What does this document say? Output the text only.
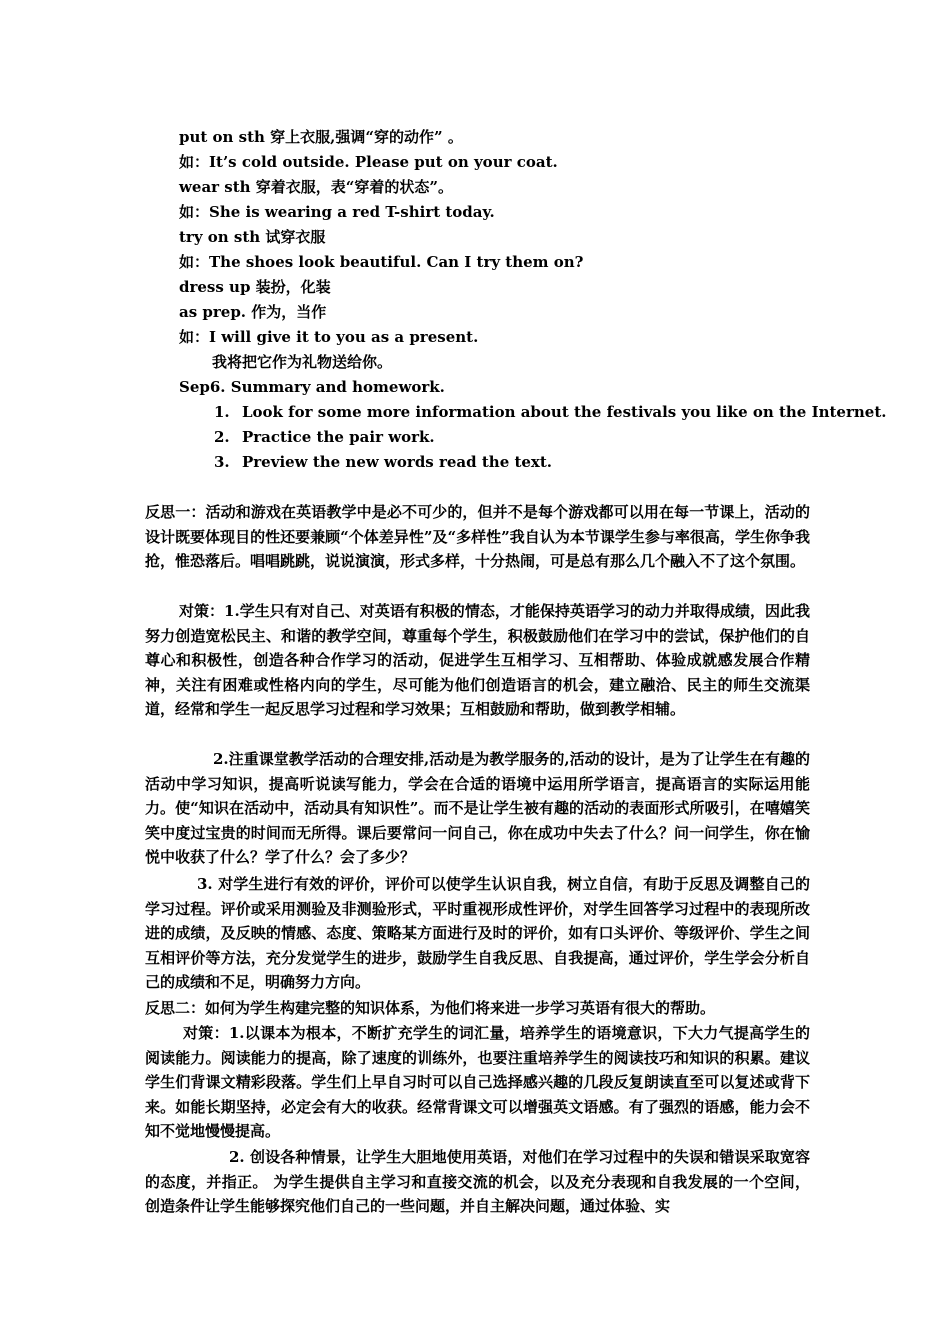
put on sth 穿上衣服,强调“穿的动作” 。
如：It’s cold outside. Please put on your coat.
wear sth 穿着衣服，表“穿着的状态”。
如：She is wearing a red T-shirt today.
try on sth 试穿衣服
如：The shoes look beautiful. Can I try them on?
dress up 装扮，化装
as prep. 作为，当作
如：I will give it to you as a present.
我将把它作为礼物送给你。
Sep6. Summary and homework.
1. Look for some more information about the festivals you like on the Internet.
2. Practice the pair work.
3. Preview the new words read the text.

反思一：活动和游戏在英语教学中是必不可少的，但并不是每个游戏都可以用在每一节课上，活动的设计既要体现目的性还要兼顾“个体差异性”及“多样性”我自认为本节课学生参与率很高，学生你争我抢，惟恐落后。唱唱跳跳，说说演演，形式多样，十分热闹，可是总有那么几个融入不了这个氛围。

对策：1.学生只有对自己、对英语有积极的情态，才能保持英语学习的动力并取得成绩，因此我努力创造宽松民主、和谐的教学空间，尊重每个学生，积极鼓励他们在学习中的尝试，保护他们的自尊心和积极性，创造各种合作学习的活动，促进学生互相学习、互相帮助、体验成就感发展合作精神，关注有困难或性格内向的学生，尽可能为他们创造语言的机会，建立融洽、民主的师生交流渠道，经常和学生一起反思学习过程和学习效果；互相鼓励和帮助，做到教学相辅。

2.注重课堂教学活动的合理安排,活动是为教学服务的,活动的设计，是为了让学生在有趣的活动中学习知识，提高听说读写能力，学会在合适的语境中运用所学语言，提高语言的实际运用能力。使“知识在活动中，活动具有知识性”。而不是让学生被有趣的活动的表面形式所吸引，在嘻嬉笑笑中度过宝贵的时间而无所得。课后要常问一问自己，你在成功中失去了什么？问一问学生，你在愉悦中收获了什么？学了什么？会了多少？

3. 对学生进行有效的评价，评价可以使学生认识自我，树立自信，有助于反思及调整自己的学习过程。评价或采用测验及非测验形式，平时重视形成性评价，对学生回答学习过程中的表现所改进的成绩，及反映的情感、态度、策略某方面进行及时的评价，如有口头评价、等级评价、学生之间互相评价等方法，充分发觉学生的进步，鼓励学生自我反思、自我提高，通过评价，学生学会分析自己的成绩和不足，明确努力方向。

反思二：如何为学生构建完整的知识体系，为他们将来进一步学习英语有很大的帮助。

对策：1.以课本为根本，不断扩充学生的词汇量，培养学生的语境意识，下大力气提高学生的阅读能力。阅读能力的提高，除了速度的训练外，也要注重培养学生的阅读技巧和知识的积累。建议学生们背课文精彩段落。学生们上早自习时可以自己选择感兴趣的几段反复朗读直至可以复述或背下来。如能长期坚持，必定会有大的收获。经常背课文可以增强英文语感。有了强烈的语感，能力会不知不觉地慢慢提高。

2. 创设各种情景，让学生大胆地使用英语，对他们在学习过程中的失误和错误采取宽容的态度，并指正。 为学生提供自主学习和直接交流的机会，以及充分表现和自我发展的一个空间，创造条件让学生能够探究他们自己的一些问题，并自主解决问题，通过体验、实
